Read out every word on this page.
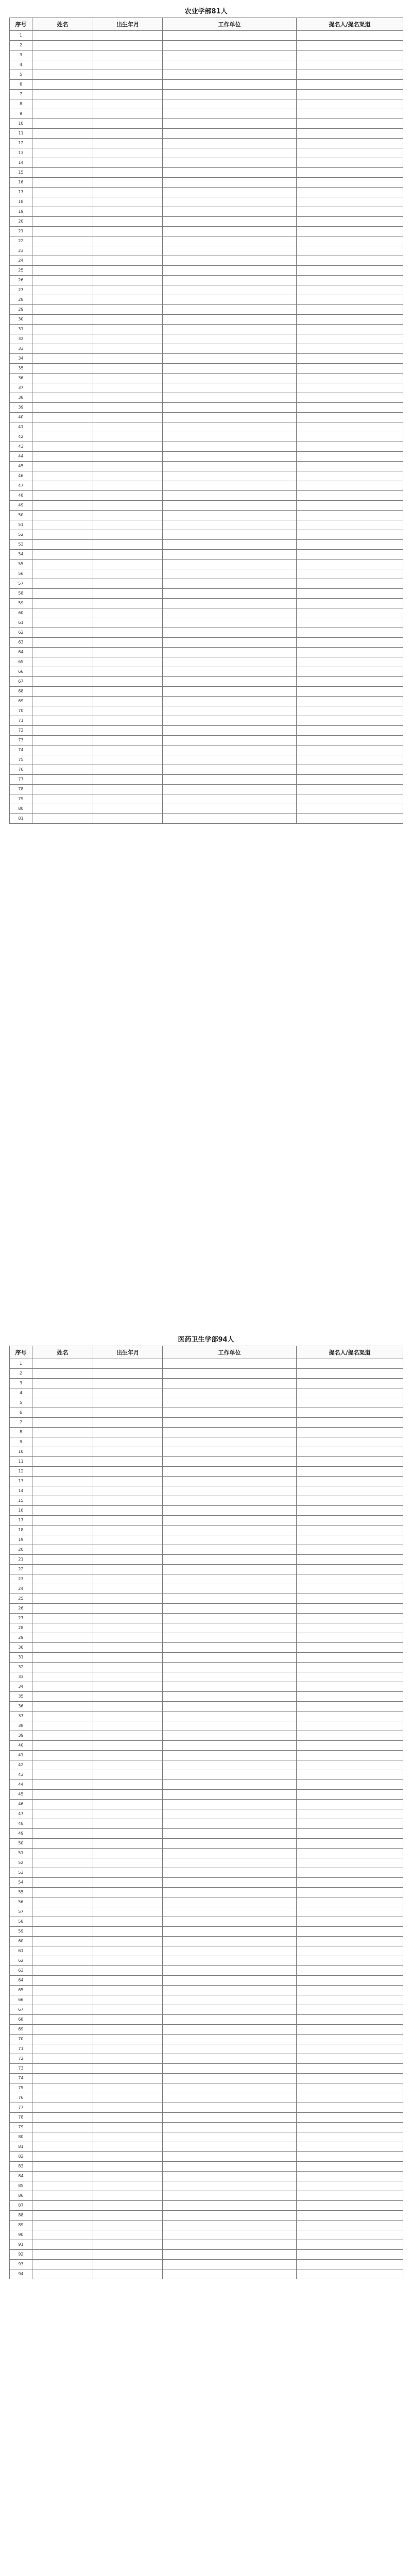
农业学部81人
序号	姓名	出生年月	工作单位	提名人/提名渠道
1				
2				
3				
4				
5				
6				
7				
8				
9				
10				
11				
12				
13				
14				
15				
16				
17				
18				
19				
20				
21				
22				
23				
24				
25				
26				
27				
28				
29				
30				
31				
32				
33				
34				
35				
36				
37				
38				
39				
40				
41				
42				
43				
44				
45				
46				
47				
48				
49				
50				
51				
52				
53				
54				
55				
56				
57				
58				
59				
60				
61				
62				
63				
64				
65				
66				
67				
68				
69				
70				
71				
72				
73				
74				
75				
76				
77				
78				
79				
80				
81				
医药卫生学部94人
序号	姓名	出生年月	工作单位	提名人/提名渠道
1				
2				
3				
4				
5				
6				
7				
8				
9				
10				
11				
12				
13				
14				
15				
16				
17				
18				
19				
20				
21				
22				
23				
24				
25				
26				
27				
28				
29				
30				
31				
32				
33				
34				
35				
36				
37				
38				
39				
40				
41				
42				
43				
44				
45				
46				
47				
48				
49				
50				
51				
52				
53				
54				
55				
56				
57				
58				
59				
60				
61				
62				
63				
64				
65				
66				
67				
68				
69				
70				
71				
72				
73				
74				
75				
76				
77				
78				
79				
80				
81				
82				
83				
84				
85				
86				
87				
88				
89				
90				
91				
92				
93				
94				
